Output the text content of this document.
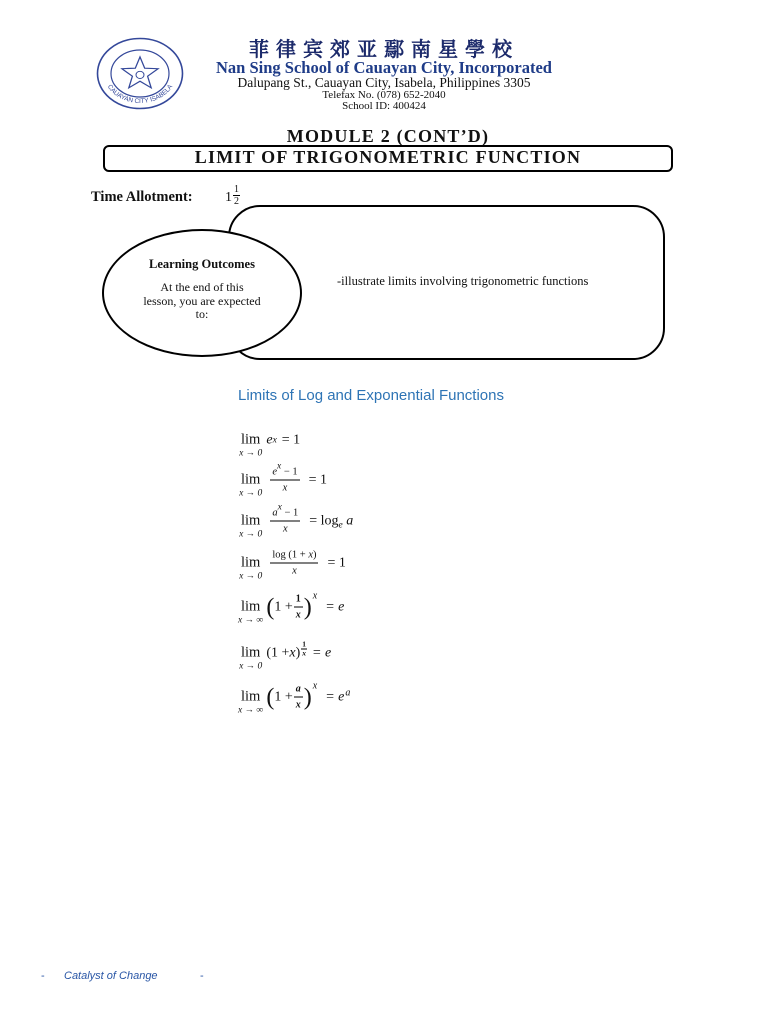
CAUAYAN CITY ISABELA
菲律宾郊亚鄢南星學校
Nan Sing School of Cauayan City, Incorporated
Dalupang St., Cauayan City, Isabela, Philippines 3305
Telefax No. (078) 652-2040
School ID: 400424
MODULE 2 (CONT’D)
LIMIT OF TRIGONOMETRIC FUNCTION
Time Allotment: $1 \frac{1}{2}$
Learning Outcomes
At the end of this
lesson, you are expected
to:
-illustrate limits involving trigonometric functions
Limits of Log and Exponential Functions
lim
x → 0
e x = 1
lim
$x \to 0 \frac{e^x - 1}{x} = 1$
lim
$x \to 0 \frac{a^x - 1}{x} = \log_e a$
lim
$x \to 0 \frac{\log (1 + x)}{x} = 1$
lim
x → ∞
( $1 + \frac{1}{x}$ ) x
= e
lim
x → 0
(1 + x ) $\frac{1}{x} = e$
lim
x → ∞
( $1 + \frac{a}{x}$ ) x
= e a
- Catalyst of Change	-
